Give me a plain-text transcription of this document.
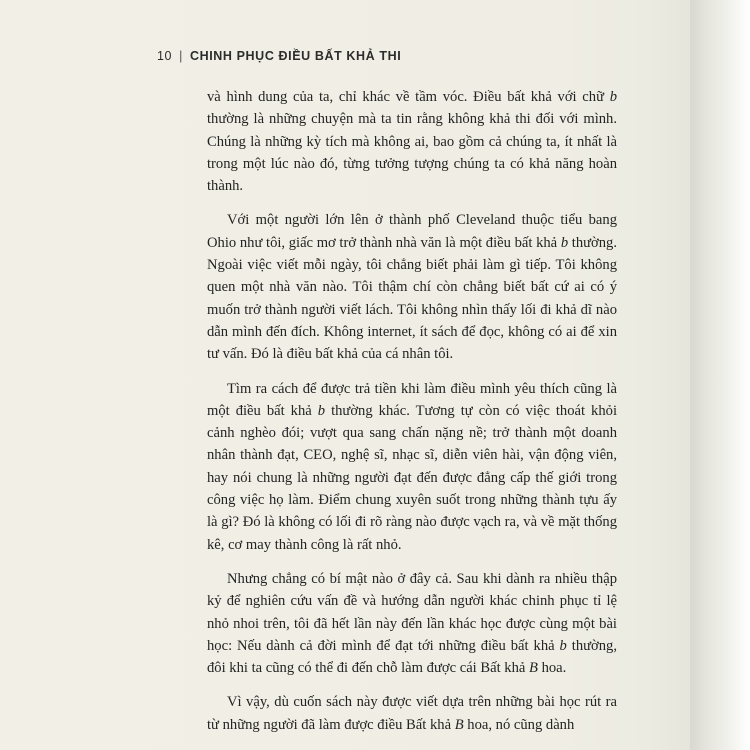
10 | CHINH PHỤC ĐIỀU BẤT KHẢ THI

và hình dung của ta, chỉ khác về tầm vóc. Điều bất khả với chữ b thường là những chuyện mà ta tin rằng không khả thi đối với mình. Chúng là những kỳ tích mà không ai, bao gồm cả chúng ta, ít nhất là trong một lúc nào đó, từng tưởng tượng chúng ta có khả năng hoàn thành.

Với một người lớn lên ở thành phố Cleveland thuộc tiểu bang Ohio như tôi, giấc mơ trở thành nhà văn là một điều bất khả b thường. Ngoài việc viết mỗi ngày, tôi chẳng biết phải làm gì tiếp. Tôi không quen một nhà văn nào. Tôi thậm chí còn chẳng biết bất cứ ai có ý muốn trở thành người viết lách. Tôi không nhìn thấy lối đi khả dĩ nào dẫn mình đến đích. Không internet, ít sách để đọc, không có ai để xin tư vấn. Đó là điều bất khả của cá nhân tôi.

Tìm ra cách để được trả tiền khi làm điều mình yêu thích cũng là một điều bất khả b thường khác. Tương tự còn có việc thoát khỏi cảnh nghèo đói; vượt qua sang chấn nặng nề; trở thành một doanh nhân thành đạt, CEO, nghệ sĩ, nhạc sĩ, diễn viên hài, vận động viên, hay nói chung là những người đạt đến được đẳng cấp thế giới trong công việc họ làm. Điểm chung xuyên suốt trong những thành tựu ấy là gì? Đó là không có lối đi rõ ràng nào được vạch ra, và về mặt thống kê, cơ may thành công là rất nhỏ.

Nhưng chẳng có bí mật nào ở đây cả. Sau khi dành ra nhiều thập kỷ để nghiên cứu vấn đề và hướng dẫn người khác chinh phục tỉ lệ nhỏ nhoi trên, tôi đã hết lần này đến lần khác học được cùng một bài học: Nếu dành cả đời mình để đạt tới những điều bất khả b thường, đôi khi ta cũng có thể đi đến chỗ làm được cái Bất khả B hoa.

Vì vậy, dù cuốn sách này được viết dựa trên những bài học rút ra từ những người đã làm được điều Bất khả B hoa, nó cũng dành
